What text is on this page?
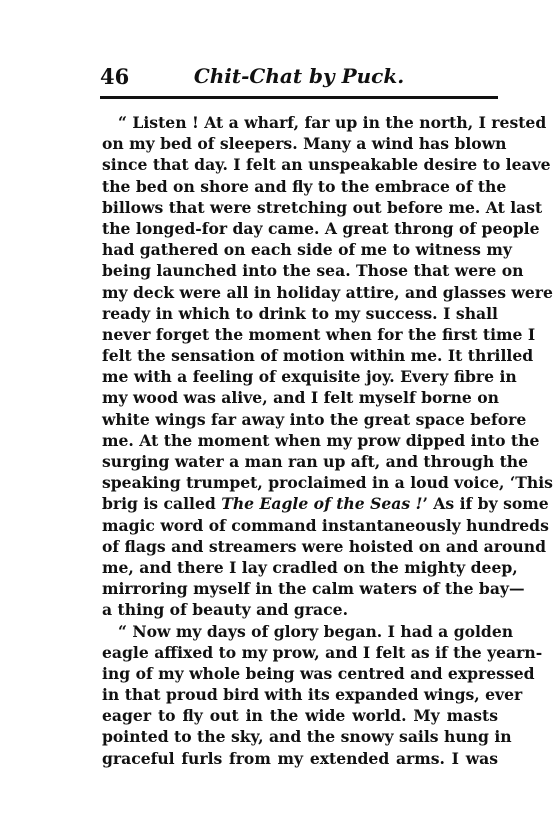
46	Chit-Chat by Puck.
“ Listen ! At a wharf, far up in the north, I rested
on my bed of sleepers. Many a wind has blown
since that day. I felt an unspeakable desire to leave
the bed on shore and fly to the embrace of the
billows that were stretching out before me. At last
the longed-for day came. A great throng of people
had gathered on each side of me to witness my
being launched into the sea. Those that were on
my deck were all in holiday attire, and glasses were
ready in which to drink to my success. I shall
never forget the moment when for the first time I
felt the sensation of motion within me. It thrilled
me with a feeling of exquisite joy. Every fibre in
my wood was alive, and I felt myself borne on
white wings far away into the great space before
me. At the moment when my prow dipped into the
surging water a man ran up aft, and through the
speaking trumpet, proclaimed in a loud voice, ‘This
brig is called The Eagle of the Seas !’ As if by some
magic word of command instantaneously hundreds
of flags and streamers were hoisted on and around
me, and there I lay cradled on the mighty deep,
mirroring myself in the calm waters of the bay—
a thing of beauty and grace.
“ Now my days of glory began. I had a golden
eagle affixed to my prow, and I felt as if the yearn-
ing of my whole being was centred and expressed
in that proud bird with its expanded wings, ever
eager to fly out in the wide world. My masts
pointed to the sky, and the snowy sails hung in
graceful furls from my extended arms. I was
